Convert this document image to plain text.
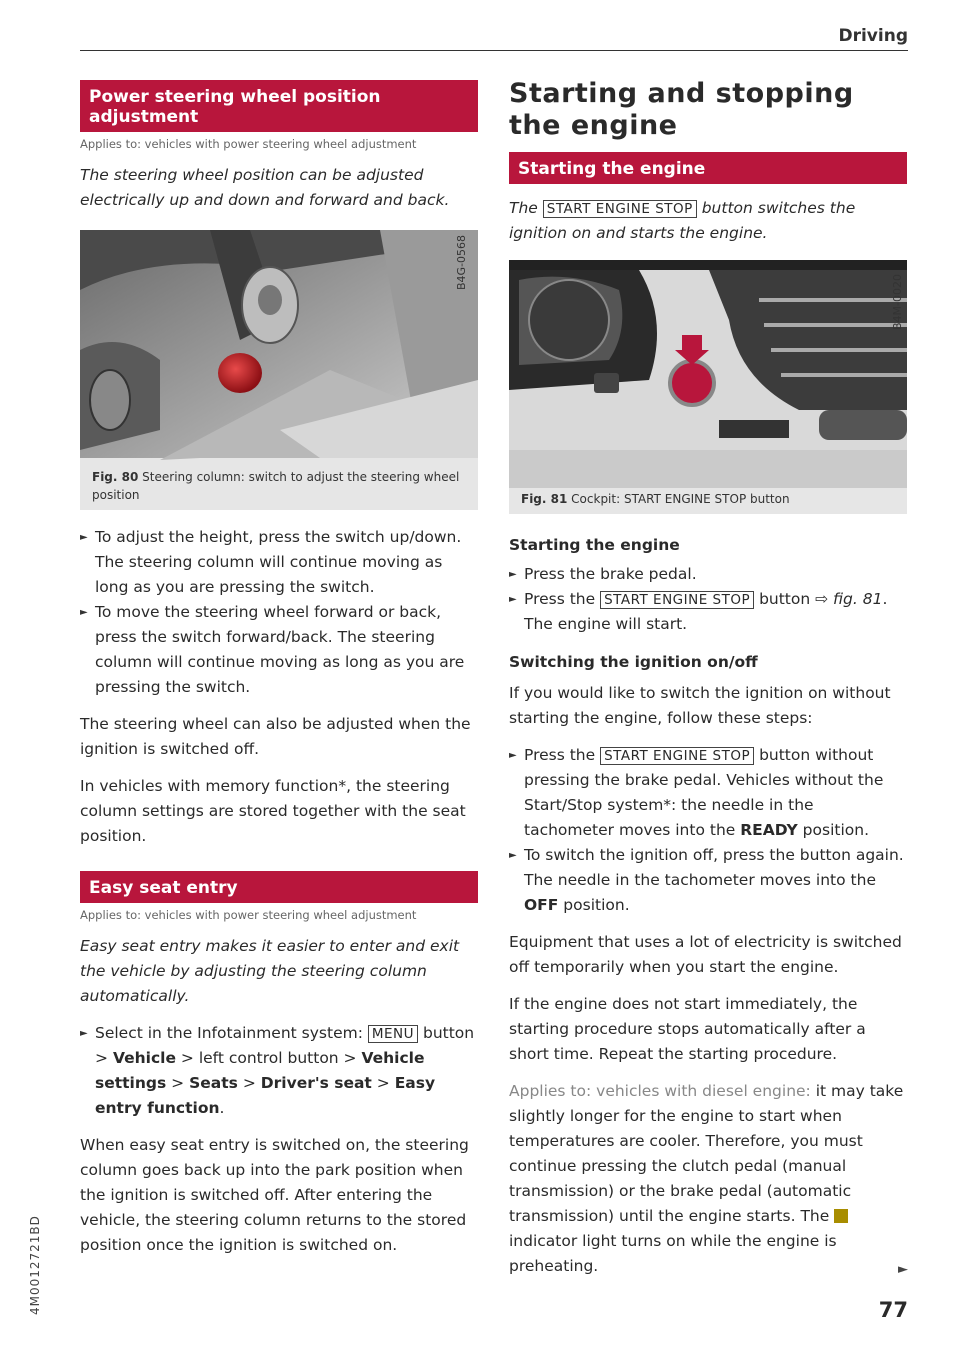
Driving
Power steering wheel position adjustment
Applies to: vehicles with power steering wheel adjustment
The steering wheel position can be adjusted electrically up and down and forward and back.
B4G-0568
Fig. 80 Steering column: switch to adjust the steering wheel position
► To adjust the height, press the switch up/down. The steering column will continue moving as long as you are pressing the switch.
► To move the steering wheel forward or back, press the switch forward/back. The steering column will continue moving as long as you are pressing the switch.

The steering wheel can also be adjusted when the ignition is switched off.

In vehicles with memory function*, the steering column settings are stored together with the seat position.

Easy seat entry
Applies to: vehicles with power steering wheel adjustment
Easy seat entry makes it easier to enter and exit the vehicle by adjusting the steering column automatically.
► Select in the Infotainment system: MENU button > Vehicle > left control button > Vehicle settings > Seats > Driver's seat > Easy entry function.

When easy seat entry is switched on, the steering column goes back up into the park position when the ignition is switched off. After entering the vehicle, the steering column returns to the stored position once the ignition is switched on.

Starting and stopping
the engine
Starting the engine
The START ENGINE STOP button switches the ignition on and starts the engine.
B4M-0020
Fig. 81 Cockpit: START ENGINE STOP button
Starting the engine
► Press the brake pedal.
► Press the START ENGINE STOP button ⇨ fig. 81. The engine will start.
Switching the ignition on/off

If you would like to switch the ignition on without starting the engine, follow these steps:

► Press the START ENGINE STOP button without pressing the brake pedal. Vehicles without the Start/Stop system*: the needle in the tachometer moves into the READY position.
► To switch the ignition off, press the button again. The needle in the tachometer moves into the OFF position.

Equipment that uses a lot of electricity is switched off temporarily when you start the engine.

If the engine does not start immediately, the starting procedure stops automatically after a short time. Repeat the starting procedure.

Applies to: vehicles with diesel engine: it may take slightly longer for the engine to start when temperatures are cooler. Therefore, you must continue pressing the clutch pedal (manual transmission) or the brake pedal (automatic transmission) until the engine starts. The  indicator light turns on while the engine is preheating.	►
77
4M0012721BD
